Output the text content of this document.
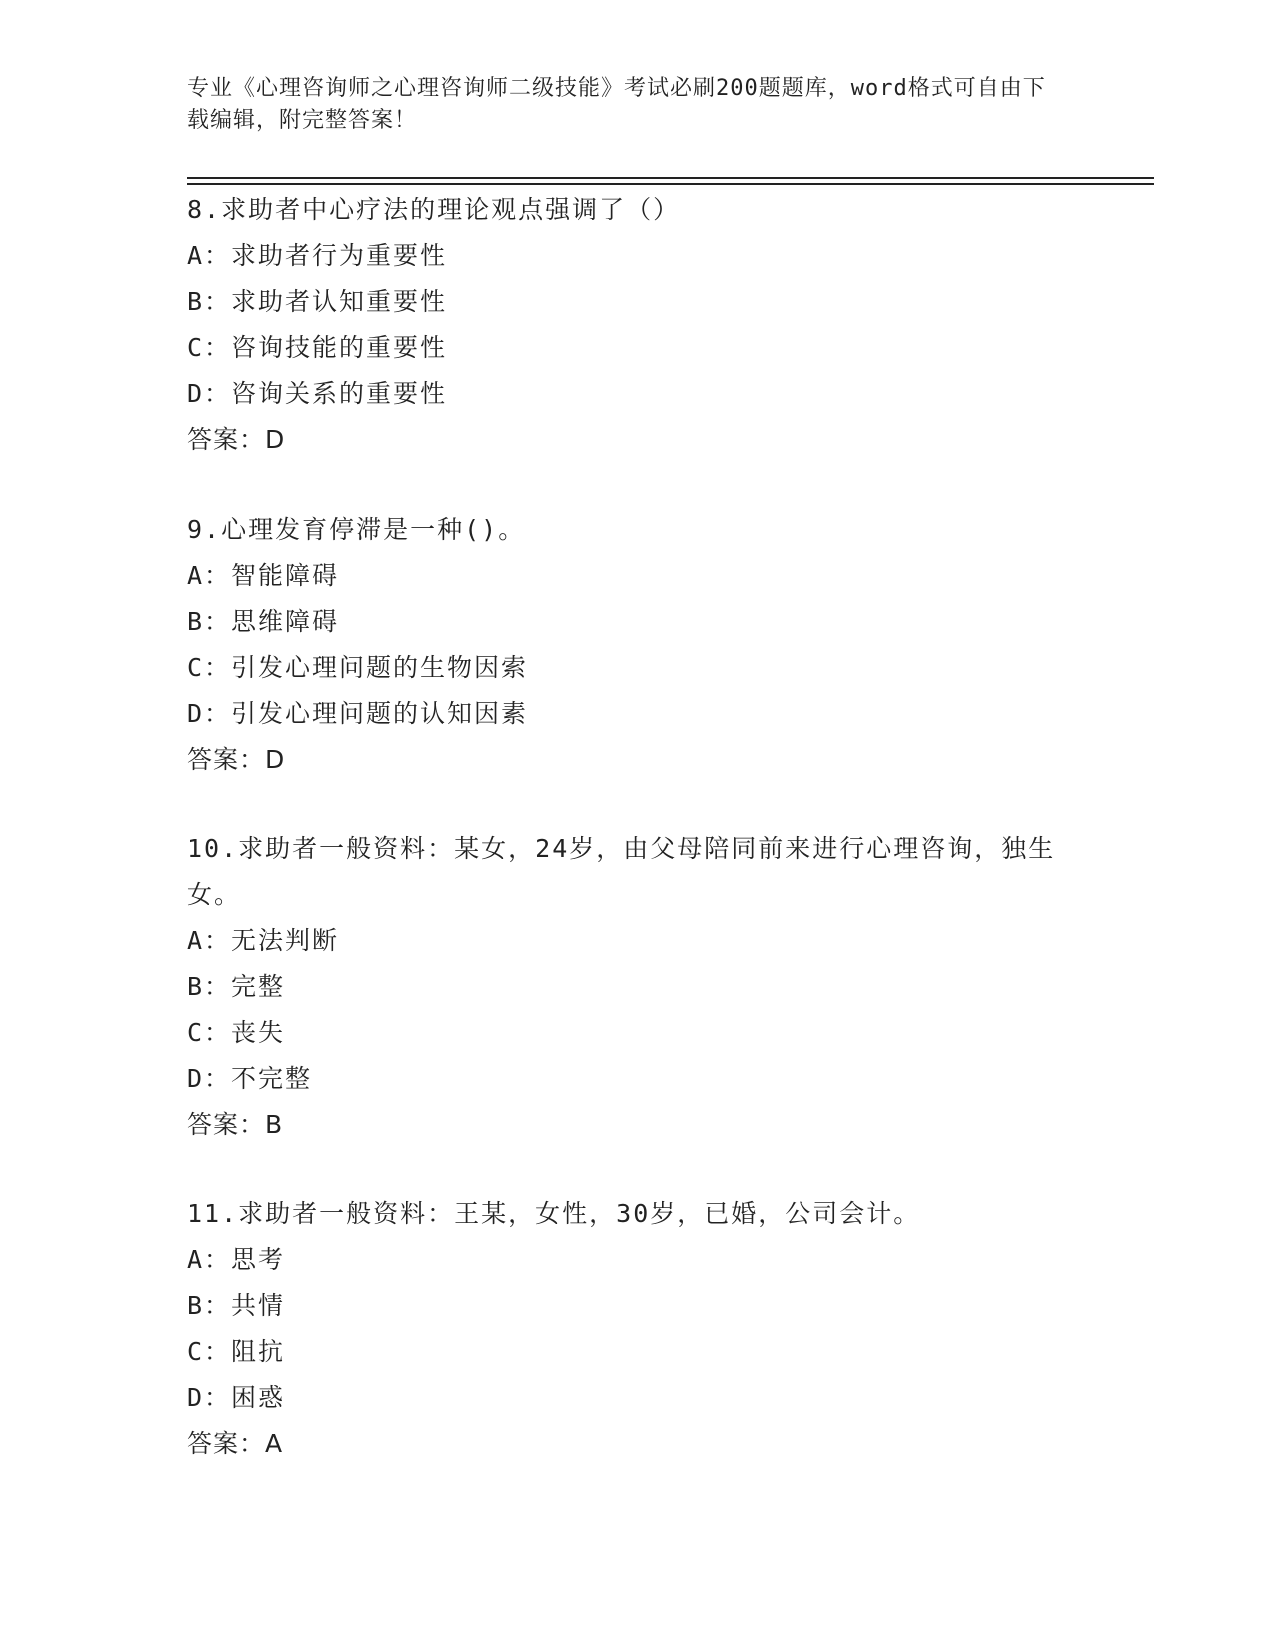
专业《心理咨询师之心理咨询师二级技能》考试必刷200题题库，word格式可自由下载编辑，附完整答案！
8.求助者中心疗法的理论观点强调了（）
A：求助者行为重要性
B：求助者认知重要性
C：咨询技能的重要性
D：咨询关系的重要性
答案：D
9.心理发育停滞是一种()。
A：智能障碍
B：思维障碍
C：引发心理问题的生物因索
D：引发心理问题的认知因素
答案：D
10.求助者一般资料：某女，24岁，由父母陪同前来进行心理咨询，独生女。
A：无法判断
B：完整
C：丧失
D：不完整
答案：B
11.求助者一般资料：王某，女性，30岁，已婚，公司会计。
A：思考
B：共情
C：阻抗
D：困惑
答案：A
